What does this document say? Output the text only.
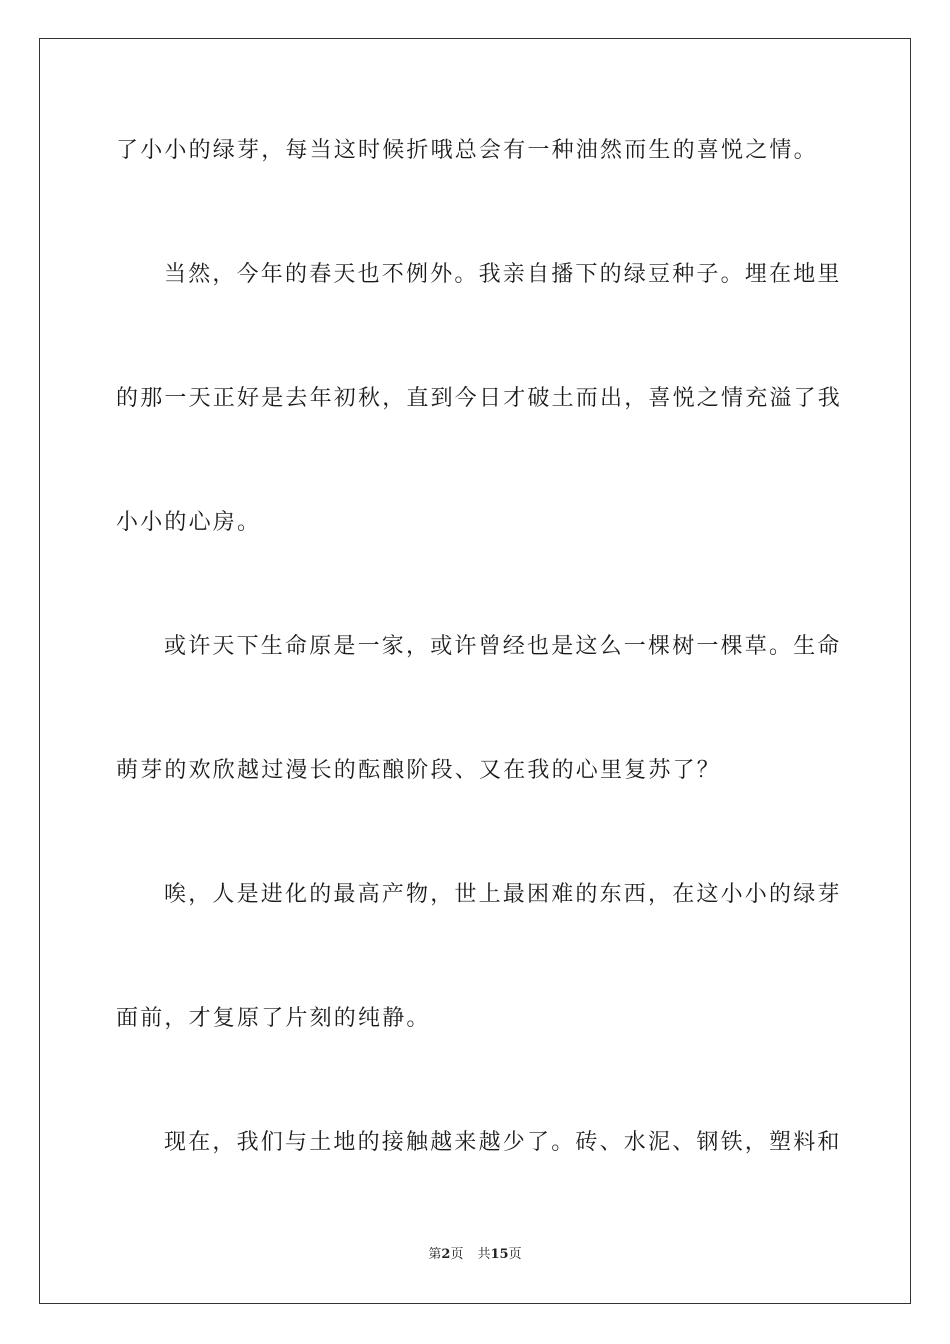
了小小的绿芽，每当这时候折哦总会有一种油然而生的喜悦之情。
当然，今年的春天也不例外。我亲自播下的绿豆种子。埋在地里
的那一天正好是去年初秋，直到今日才破土而出，喜悦之情充溢了我
小小的心房。
或许天下生命原是一家，或许曾经也是这么一棵树一棵草。生命
萌芽的欢欣越过漫长的酝酿阶段、又在我的心里复苏了？
唉，人是进化的最高产物，世上最困难的东西，在这小小的绿芽
面前，才复原了片刻的纯静。
现在，我们与土地的接触越来越少了。砖、水泥、钢铁，塑料和
第2页 共15页
